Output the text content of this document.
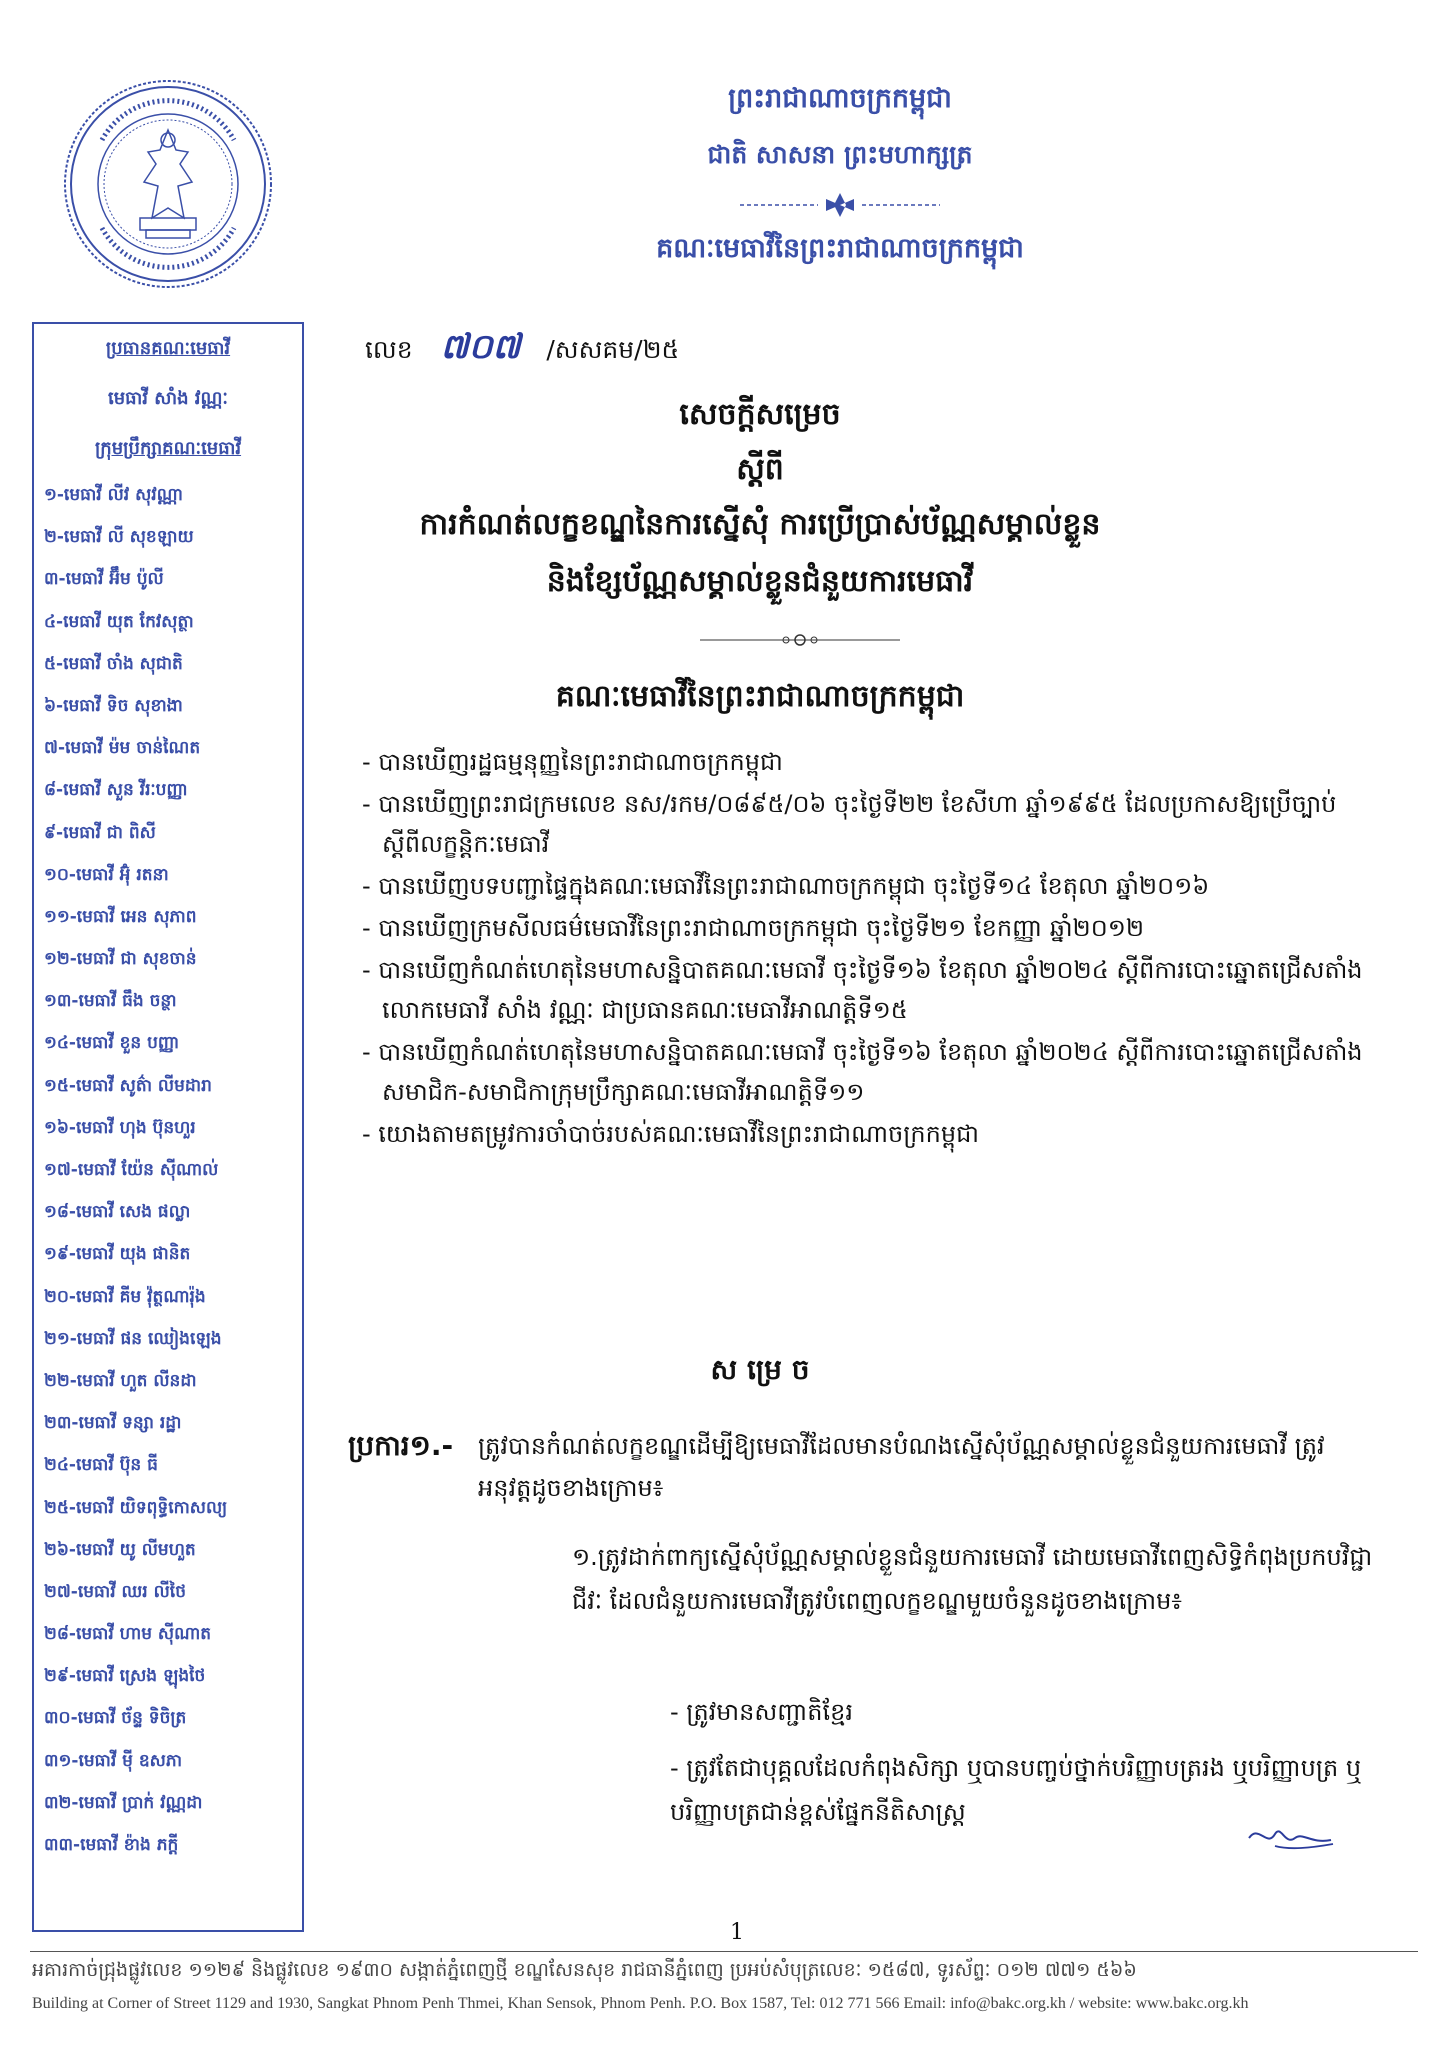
ព្រះរាជាណាចក្រកម្ពុជា
ជាតិ សាសនា ព្រះមហាក្សត្រ
គណៈមេធាវីនៃព្រះរាជាណាចក្រកម្ពុជា
ប្រធានគណៈមេធាវី
មេធាវី សាំង វណ្ណៈ
ក្រុមប្រឹក្សាគណៈមេធាវី
១-មេធាវី លីវ សុវណ្ណា
២-មេធាវី លី សុខឡាយ
៣-មេធាវី អ៊ឹម ប៉ូលី
៤-មេធាវី យុត កែវសុត្ថា
៥-មេធាវី ចាំង សុជាតិ
៦-មេធាវី ទិច សុខាងា
៧-មេធាវី ម៉ម ចាន់ណៃត
៨-មេធាវី សួន វីរៈបញ្ញា
៩-មេធាវី ជា ពិសី
១០-មេធាវី អ៊ុំ រតនា
១១-មេធាវី អេន សុភាព
១២-មេធាវី ជា សុខចាន់
១៣-មេធាវី ធឹង ចន្ថា
១៤-មេធាវី ខួន បញ្ញា
១៥-មេធាវី សូត៌ា លីមដារា
១៦-មេធាវី ហុង ប៊ុនហួរ
១៧-មេធាវី យ៉ែន ស៊ីណាល់
១៨-មេធាវី សេង ផល្លា
១៩-មេធាវី យុង ផានិត
២០-មេធាវី គីម វ៉ុត្ថណារ៉ុង
២១-មេធាវី ផន ឈៀងឡេង
២២-មេធាវី ហួត លីនដា
២៣-មេធាវី ទន្សា រដ្ឋា
២៤-មេធាវី ប៊ុន ធី
២៥-មេធាវី យិទពុទ្ធិកោសល្យ
២៦-មេធាវី យូ លីមហួត
២៧-មេធាវី ឈរ លីថៃ
២៨-មេធាវី ហាម ស៊ីណាត
២៩-មេធាវី ស្រេង ឡុងថៃ
៣០-មេធាវី ច័ន្ទ ទិចិត្រ
៣១-មេធាវី ម៉ី ឧសភា
៣២-មេធាវី ប្រាក់ វណ្ណដា
៣៣-មេធាវី ខ៉ាង ភក្ដី
លេខ ៧០៧ /សសគម/២៥
សេចក្តីសម្រេច
ស្តីពី
ការកំណត់លក្ខខណ្ឌនៃការស្នើសុំ ការប្រើប្រាស់ប័ណ្ណសម្គាល់ខ្លួន
និងខ្សែប័ណ្ណសម្គាល់ខ្លួនជំនួយការមេធាវី
គណៈមេធាវីនៃព្រះរាជាណាចក្រកម្ពុជា
- បានឃើញរដ្ឋធម្មនុញ្ញនៃព្រះរាជាណាចក្រកម្ពុជា
- បានឃើញព្រះរាជក្រមលេខ នស/រកម/០៨៩៥/០៦ ចុះថ្ងៃទី២២ ខែសីហា ឆ្នាំ១៩៩៥ ដែលប្រកាសឱ្យប្រើច្បាប់ស្តីពីលក្ខន្តិកៈមេធាវី
- បានឃើញបទបញ្ជាផ្ទៃក្នុងគណៈមេធាវីនៃព្រះរាជាណាចក្រកម្ពុជា ចុះថ្ងៃទី១៤ ខែតុលា ឆ្នាំ២០១៦
- បានឃើញក្រមសីលធម៌មេធាវីនៃព្រះរាជាណាចក្រកម្ពុជា ចុះថ្ងៃទី២១ ខែកញ្ញា ឆ្នាំ២០១២
- បានឃើញកំណត់ហេតុនៃមហាសន្និបាតគណៈមេធាវី ចុះថ្ងៃទី១៦ ខែតុលា ឆ្នាំ២០២៤ ស្តីពីការបោះឆ្នោតជ្រើសតាំងលោកមេធាវី សាំង វណ្ណៈ ជាប្រធានគណៈមេធាវីអាណត្តិទី១៥
- បានឃើញកំណត់ហេតុនៃមហាសន្និបាតគណៈមេធាវី ចុះថ្ងៃទី១៦ ខែតុលា ឆ្នាំ២០២៤ ស្តីពីការបោះឆ្នោតជ្រើសតាំងសមាជិក-សមាជិកាក្រុមប្រឹក្សាគណៈមេធាវីអាណត្តិទី១១
- យោងតាមតម្រូវការចាំបាច់របស់គណៈមេធាវីនៃព្រះរាជាណាចក្រកម្ពុជា
ស ម្រេ ច
ប្រការ១.- ត្រូវបានកំណត់លក្ខខណ្ឌដើម្បីឱ្យមេធាវីដែលមានបំណងស្នើសុំប័ណ្ណសម្គាល់ខ្លួនជំនួយការមេធាវី ត្រូវអនុវត្តដូចខាងក្រោម៖
១.ត្រូវដាក់ពាក្យស្នើសុំប័ណ្ណសម្គាល់ខ្លួនជំនួយការមេធាវី ដោយមេធាវីពេញសិទ្ធិកំពុងប្រកបវិជ្ជាជីវៈ ដែលជំនួយការមេធាវីត្រូវបំពេញលក្ខខណ្ឌមួយចំនួនដូចខាងក្រោម៖
- ត្រូវមានសញ្ជាតិខ្មែរ
- ត្រូវតែជាបុគ្គលដែលកំពុងសិក្សា ឬបានបញ្ចប់ថ្នាក់បរិញ្ញាបត្ររង ឬបរិញ្ញាបត្រ ឬបរិញ្ញាបត្រជាន់ខ្ពស់ផ្នែកនីតិសាស្ត្រ
1
អគារកាច់ជ្រុងផ្លូវលេខ ១១២៩ និងផ្លូវលេខ ១៩៣០ សង្កាត់ភ្នំពេញថ្មី ខណ្ឌសែនសុខ រាជធានីភ្នំពេញ ប្រអប់សំបុត្រលេខៈ ១៥៨៧, ទូរស័ព្ទៈ ០១២ ៧៧១ ៥៦៦
Building at Corner of Street 1129 and 1930, Sangkat Phnom Penh Thmei, Khan Sensok, Phnom Penh. P.O. Box 1587, Tel: 012 771 566 Email: info@bakc.org.kh / website: www.bakc.org.kh
